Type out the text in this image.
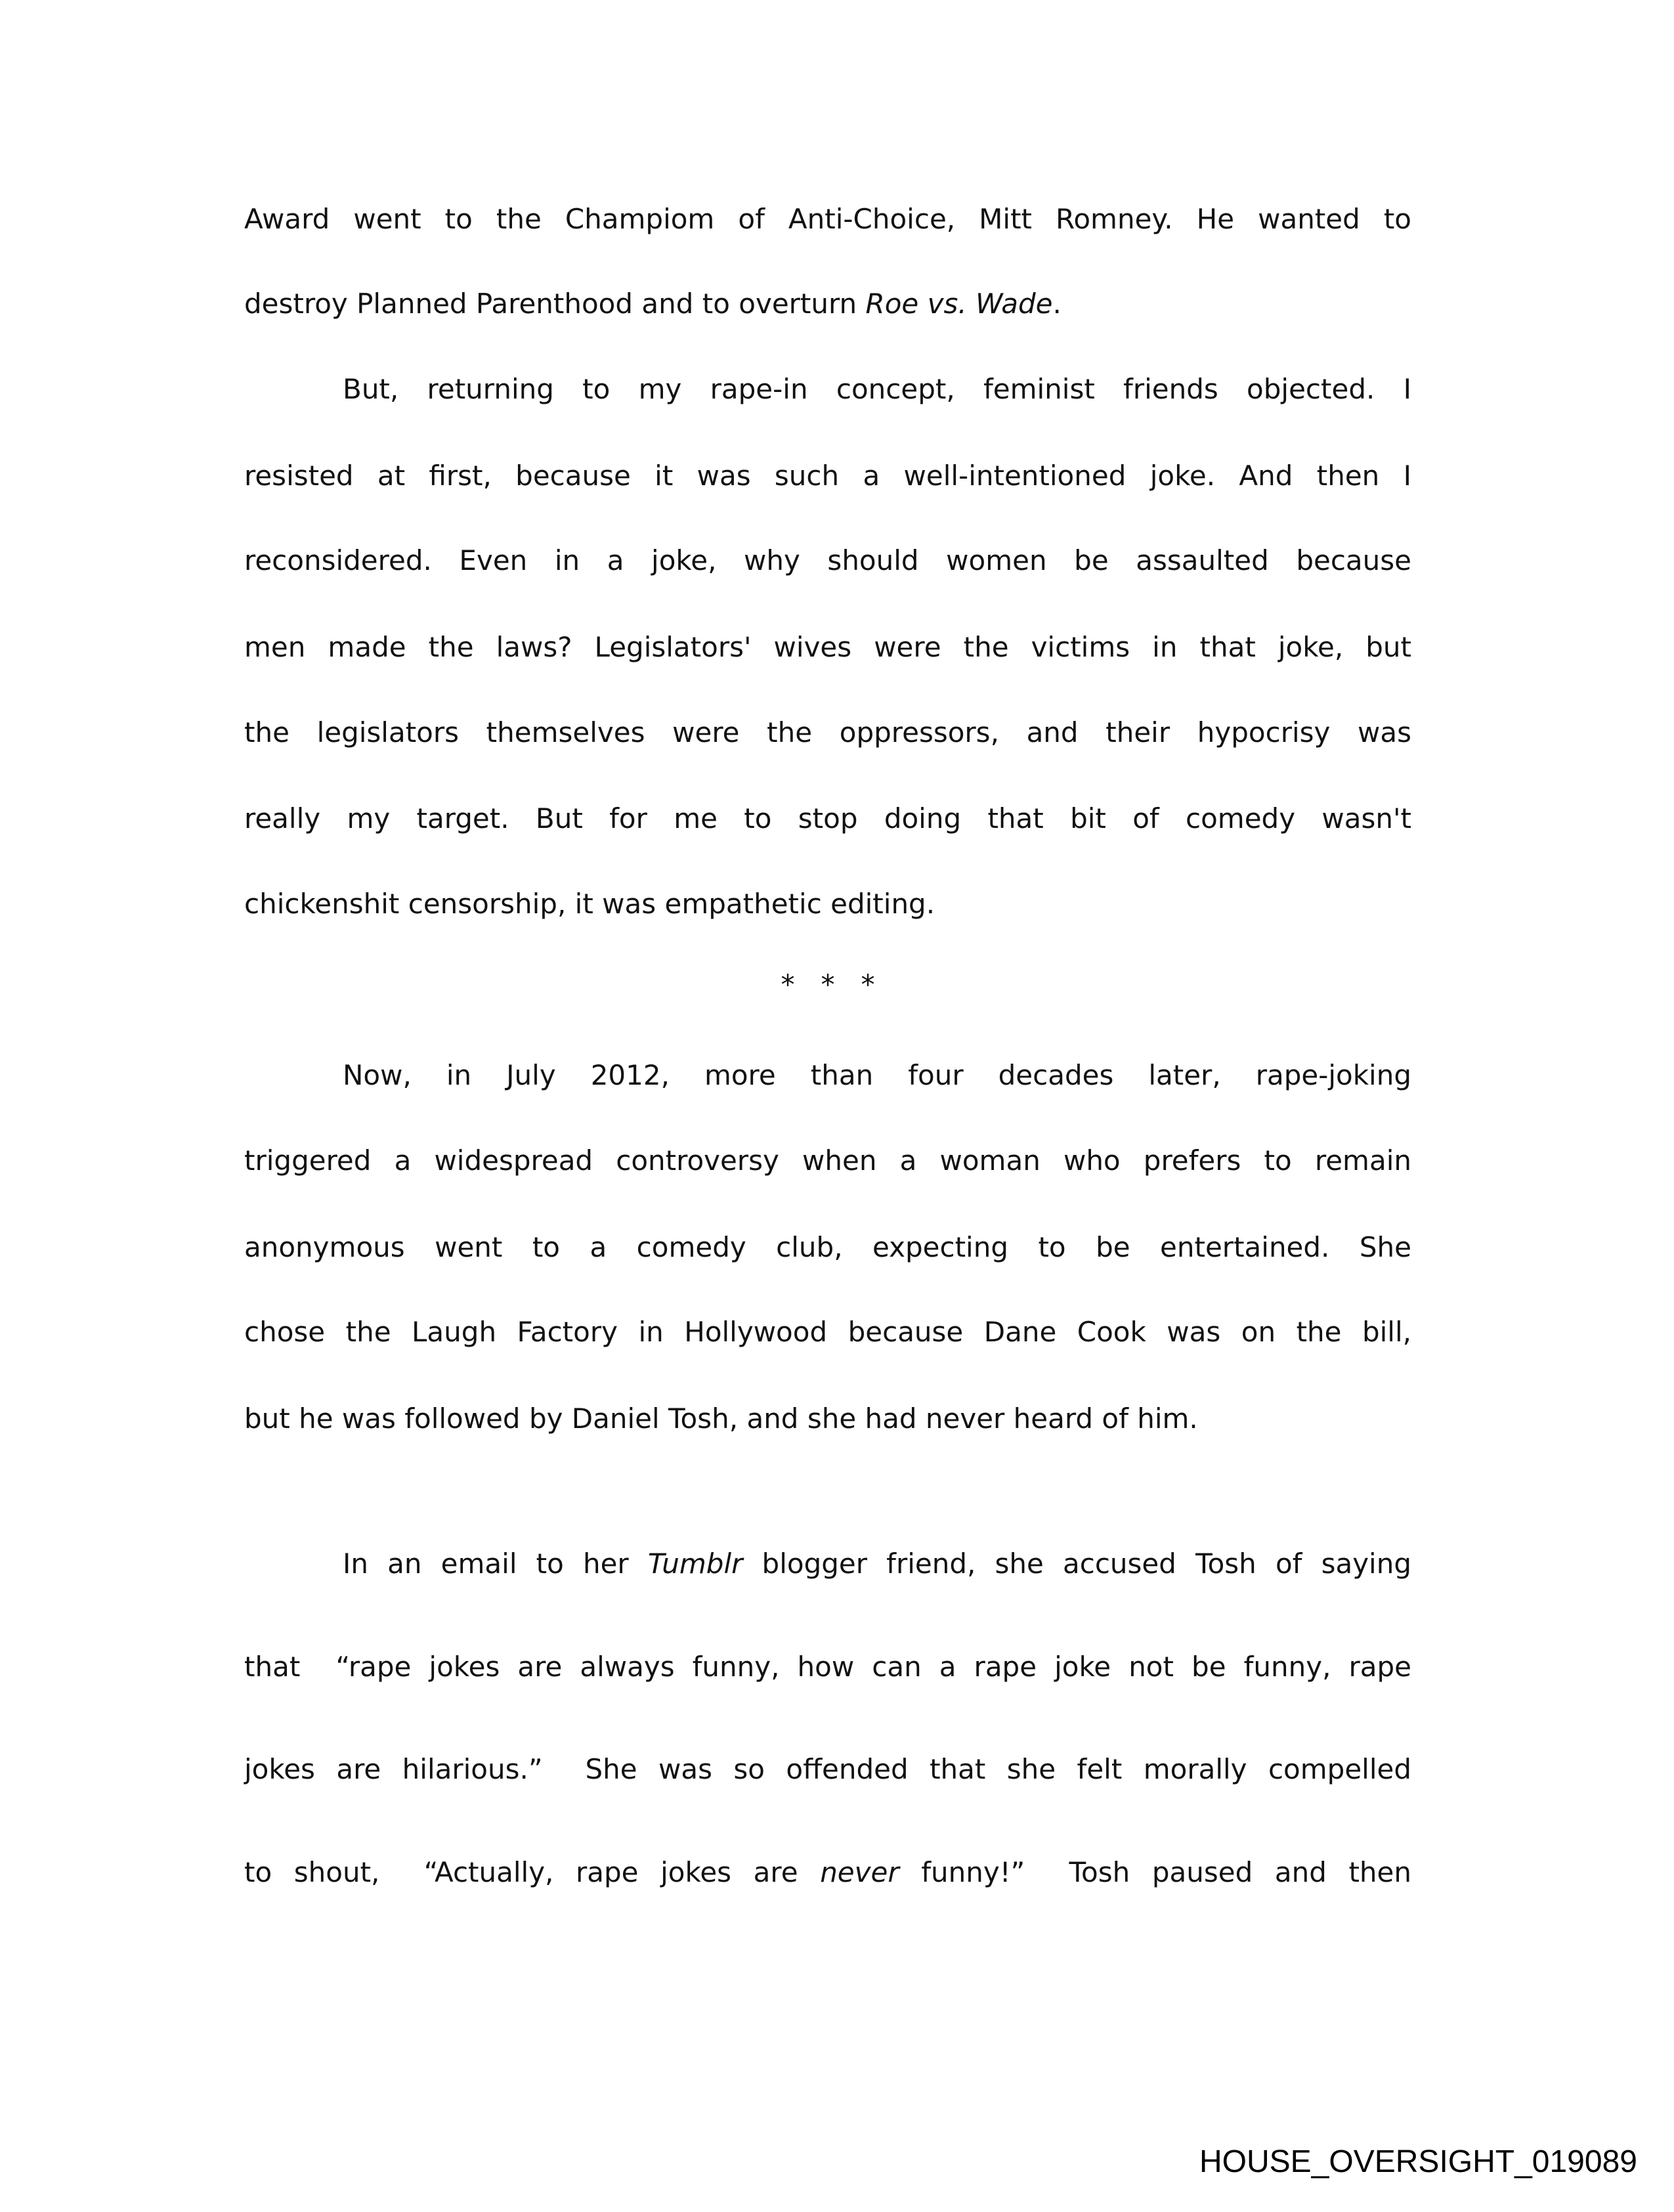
Award went to the Champiom of Anti-Choice, Mitt Romney. He wanted to
destroy Planned Parenthood and to overturn Roe vs. Wade.
But, returning to my rape-in concept, feminist friends objected. I
resisted at first, because it was such a well-intentioned joke. And then I
reconsidered. Even in a joke, why should women be assaulted because
men made the laws? Legislators' wives were the victims in that joke, but
the legislators themselves were the oppressors, and their hypocrisy was
really my target. But for me to stop doing that bit of comedy wasn't
chickenshit censorship, it was empathetic editing.
*   *   *
Now, in July 2012, more than four decades later, rape-joking
triggered a widespread controversy when a woman who prefers to remain
anonymous went to a comedy club, expecting to be entertained. She
chose the Laugh Factory in Hollywood because Dane Cook was on the bill,
but he was followed by Daniel Tosh, and she had never heard of him.
In an email to her Tumblr blogger friend, she accused Tosh of saying
that  “rape jokes are always funny, how can a rape joke not be funny, rape
jokes are hilarious.”  She was so offended that she felt morally compelled
to shout,  “Actually, rape jokes are never funny!”  Tosh paused and then
HOUSE_OVERSIGHT_019089
